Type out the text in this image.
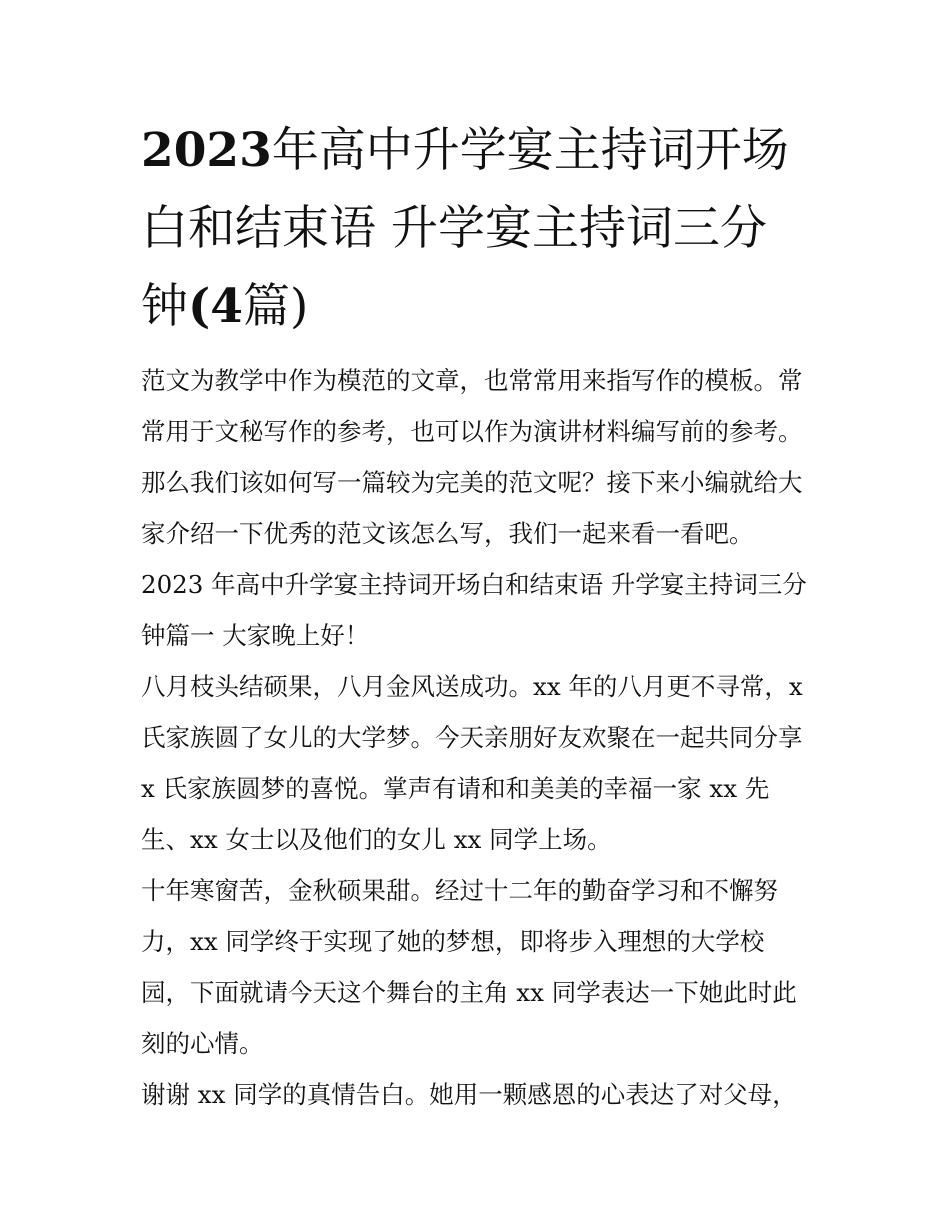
2023年高中升学宴主持词开场
白和结束语 升学宴主持词三分
钟(4篇)
范文为教学中作为模范的文章，也常常用来指写作的模板。常
常用于文秘写作的参考，也可以作为演讲材料编写前的参考。
那么我们该如何写一篇较为完美的范文呢？接下来小编就给大
家介绍一下优秀的范文该怎么写，我们一起来看一看吧。
2023 年高中升学宴主持词开场白和结束语 升学宴主持词三分
钟篇一 大家晚上好！
八月枝头结硕果，八月金风送成功。xx 年的八月更不寻常，x
氏家族圆了女儿的大学梦。今天亲朋好友欢聚在一起共同分享
x 氏家族圆梦的喜悦。掌声有请和和美美的幸福一家 xx 先
生、xx 女士以及他们的女儿 xx 同学上场。
十年寒窗苦，金秋硕果甜。经过十二年的勤奋学习和不懈努
力，xx 同学终于实现了她的梦想，即将步入理想的大学校
园，下面就请今天这个舞台的主角 xx 同学表达一下她此时此
刻的心情。
谢谢 xx 同学的真情告白。她用一颗感恩的心表达了对父母，
